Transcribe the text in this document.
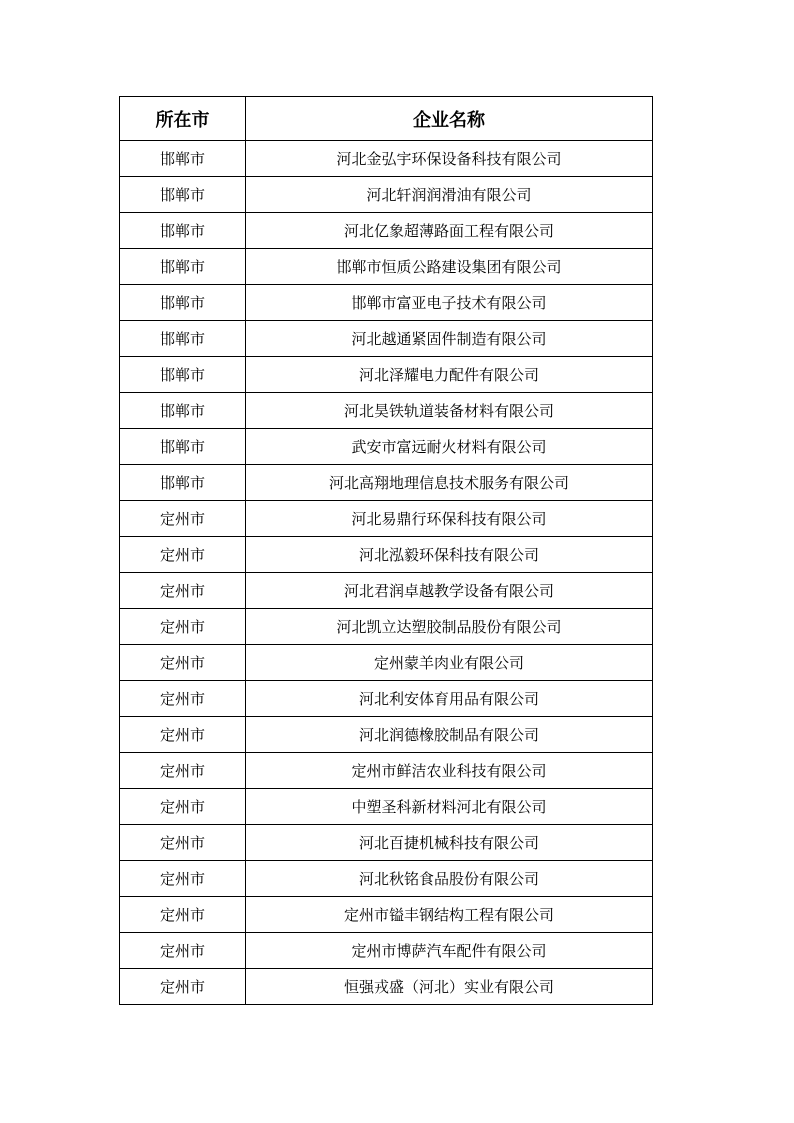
所在市	企业名称
邯郸市	河北金弘宇环保设备科技有限公司
邯郸市	河北轩润润滑油有限公司
邯郸市	河北亿象超薄路面工程有限公司
邯郸市	邯郸市恒质公路建设集团有限公司
邯郸市	邯郸市富亚电子技术有限公司
邯郸市	河北越通紧固件制造有限公司
邯郸市	河北泽耀电力配件有限公司
邯郸市	河北昊铁轨道装备材料有限公司
邯郸市	武安市富远耐火材料有限公司
邯郸市	河北高翔地理信息技术服务有限公司
定州市	河北易鼎行环保科技有限公司
定州市	河北泓毅环保科技有限公司
定州市	河北君润卓越教学设备有限公司
定州市	河北凯立达塑胶制品股份有限公司
定州市	定州蒙羊肉业有限公司
定州市	河北利安体育用品有限公司
定州市	河北润德橡胶制品有限公司
定州市	定州市鲜洁农业科技有限公司
定州市	中塑圣科新材料河北有限公司
定州市	河北百捷机械科技有限公司
定州市	河北秋铭食品股份有限公司
定州市	定州市镒丰钢结构工程有限公司
定州市	定州市博萨汽车配件有限公司
定州市	恒强戎盛（河北）实业有限公司
